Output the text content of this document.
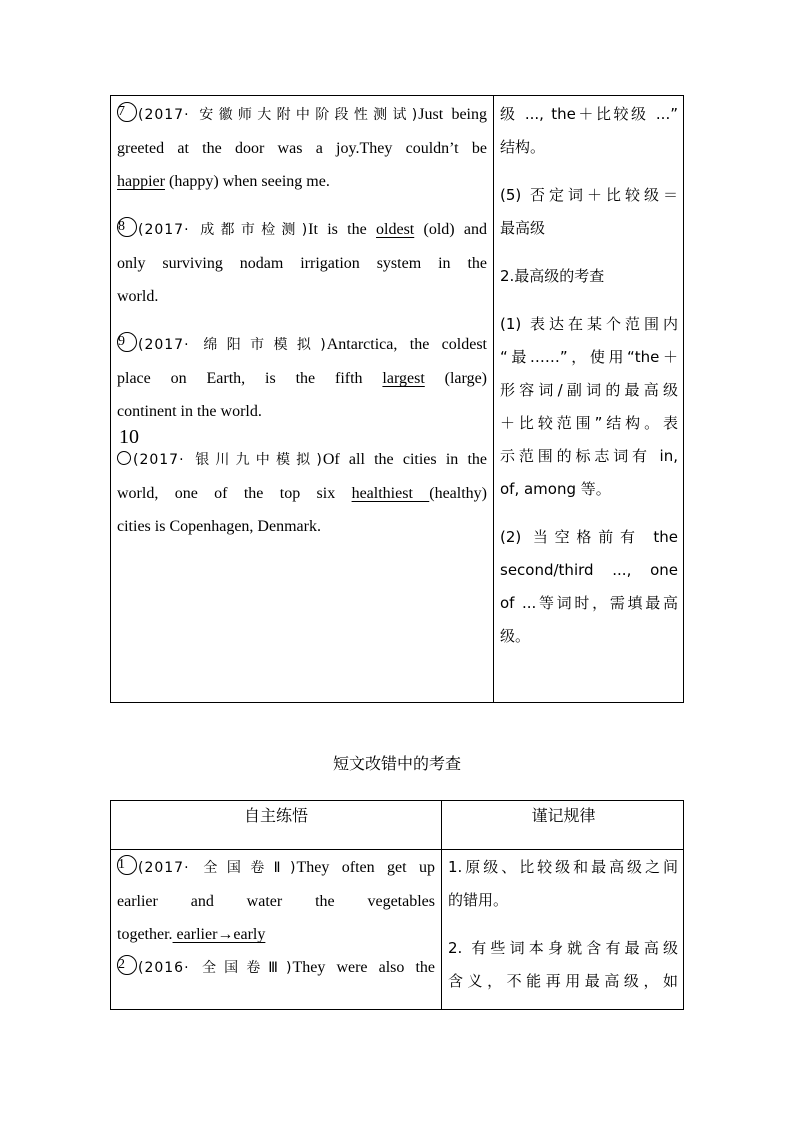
7 (2017· 安徽师大附中阶段性测试)Just being

greeted at the door was a joy.They couldn’t be

happier (happy) when seeing me.

8 (2017· 成都市检测)It is the oldest (old) and

only surviving nodam irrigation system in the

world.

9 (2017· 绵阳市模拟)Antarctica, the coldest

place on Earth, is the fifth largest (large)

continent in the world.

10
(2017· 银川九中模拟)Of all the cities in the

world, one of the top six healthiest (healthy)

cities is Copenhagen, Denmark.

级 ..., the＋比较级 ...”

结构。

(5) 否定词＋比较级＝

最高级

2.最高级的考查

(1) 表达在某个范围内

“最……”，使用“the＋

形容词/副词的最高级

＋比较范围”结构。表

示范围的标志词有 in,

of, among 等。

(2) 当空格前有 the

second/third ..., one

of ...等词时，需填最高

级。

短文改错中的考查
自主练悟	谨记规律

1 (2017· 全国卷Ⅱ)They often get up

earlier and water the vegetables

together. earlier→early

2 (2016· 全国卷Ⅲ)They were also the

1.原级、比较级和最高级之间

的错用。

2. 有些词本身就含有最高级

含义，不能再用最高级，如
